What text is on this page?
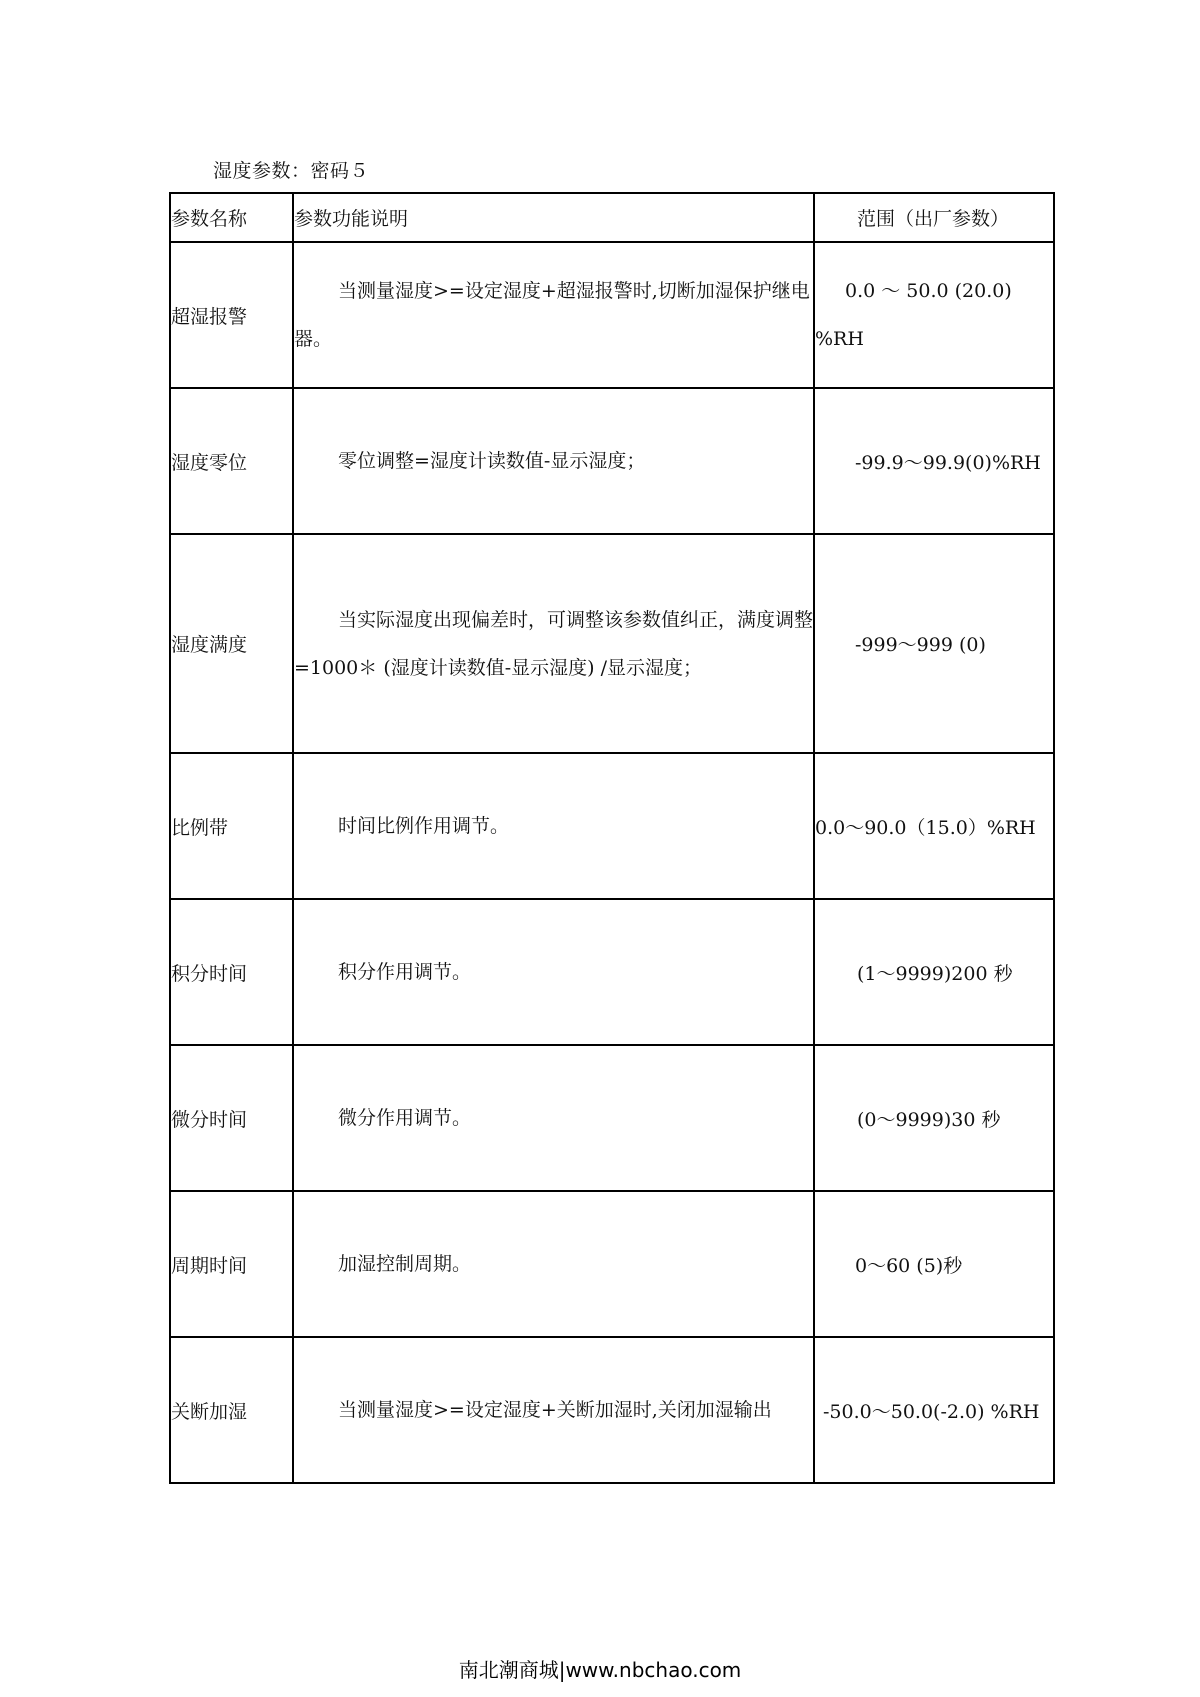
湿度参数：密码５
参数名称	参数功能说明	范围（出厂参数）
超湿报警	当测量湿度>=设定湿度+超湿报警时,切断加湿保护继电器。	0.0 ～ 50.0 (20.0)
%RH

湿度零位	零位调整=湿度计读数值-显示湿度；	-99.9～99.9(0)%RH
湿度满度	当实际湿度出现偏差时，可调整该参数值纠正，满度调整=1000＊ (湿度计读数值-显示湿度) /显示湿度；	-999～999 (0)
比例带	时间比例作用调节。	0.0～90.0（15.0）%RH
积分时间	积分作用调节。	(1～9999)200 秒
微分时间	微分作用调节。	(0～9999)30 秒
周期时间	加湿控制周期。	0～60 (5)秒
关断加湿	当测量湿度>=设定湿度+关断加湿时,关闭加湿输出	-50.0～50.0(-2.0) %RH
南北潮商城|www.nbchao.com
